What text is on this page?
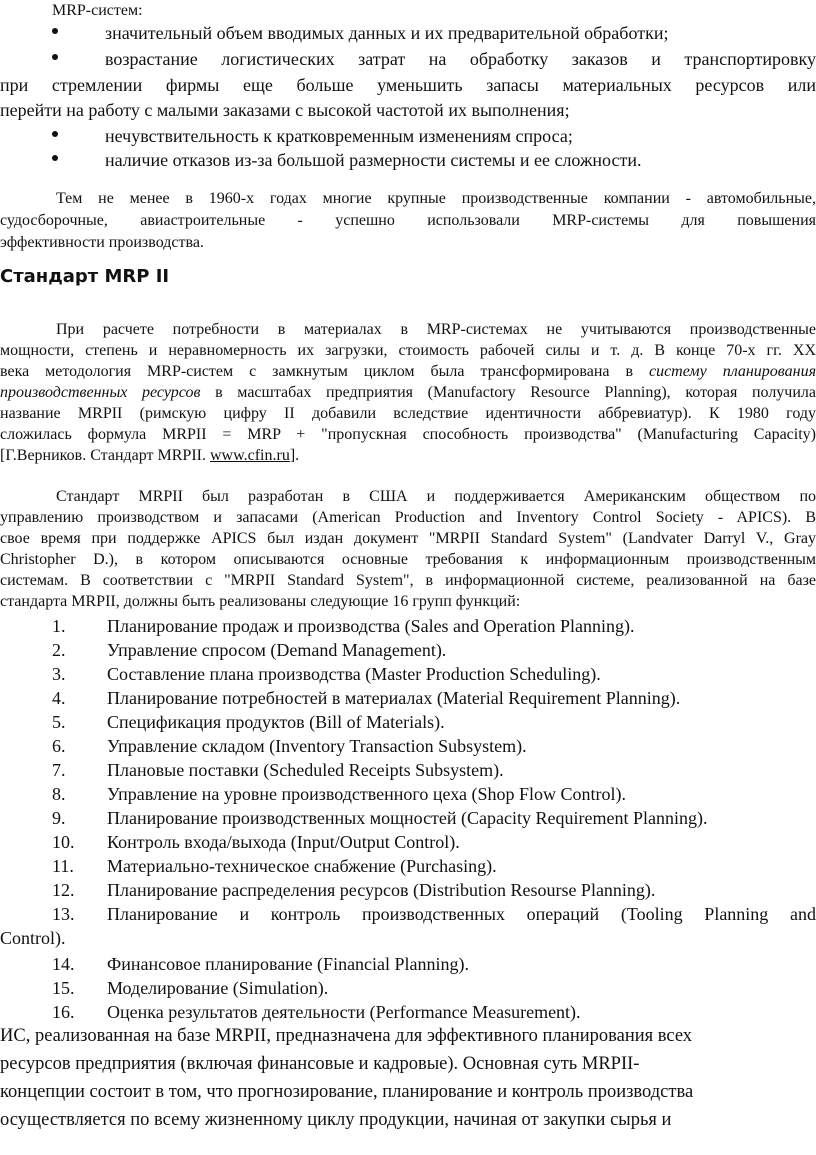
MRP-систем:
значительный объем вводимых данных и их предварительной обработки;
возрастание логистических затрат на обработку заказов и транспортировку
при стремлении фирмы еще больше уменьшить запасы материальных ресурсов или
перейти на работу с малыми заказами с высокой частотой их выполнения;
нечувствительность к кратковременным изменениям спроса;
наличие отказов из-за большой размерности системы и ее сложности.
Тем не менее в 1960-х годах многие крупные производственные компании - автомобильные,
судосборочные, авиастроительные - успешно использовали MRP-системы для повышения
эффективности производства.
Стандарт MRP II
При расчете потребности в материалах в MRP-системах не учитываются производственные
мощности, степень и неравномерность их загрузки, стоимость рабочей силы и т. д. В конце 70-х гг. XX
века методология MRP-систем с замкнутым циклом была трансформирована в систему планирования
производственных ресурсов в масштабах предприятия (Manufactory Resource Planning), которая получила
название MRPII (римскую цифру II добавили вследствие идентичности аббревиатур). К 1980 году
сложилась формула MRPII = MRP + "пропускная способность производства" (Manufacturing Capacity)
[Г.Верников. Стандарт MRPII. www.cfin.ru].
Стандарт MRPII был разработан в США и поддерживается Американским обществом по
управлению производством и запасами (American Production and Inventory Control Society - APICS). В
свое время при поддержке APICS был издан документ "MRPII Standard System" (Landvater Darryl V., Gray
Christopher D.), в котором описываются основные требования к информационным производственным
системам. В соответствии с "MRPII Standard System", в информационной системе, реализованной на базе
стандарта MRPII, должны быть реализованы следующие 16 групп функций:
1. Планирование продаж и производства (Sales and Operation Planning).
2. Управление спросом (Demand Management).
3. Составление плана производства (Master Production Scheduling).
4. Планирование потребностей в материалах (Material Requirement Planning).
5. Спецификация продуктов (Bill of Materials).
6. Управление складом (Inventory Transaction Subsystem).
7. Плановые поставки (Scheduled Receipts Subsystem).
8. Управление на уровне производственного цеха (Shop Flow Control).
9. Планирование производственных мощностей (Capacity Requirement Planning).
10. Контроль входа/выхода (Input/Output Control).
11. Материально-техническое снабжение (Purchasing).
12. Планирование распределения ресурсов (Distribution Resourse Planning).
13. Планирование и контроль производственных операций (Tooling Planning and
Control).
14. Финансовое планирование (Financial Planning).
15. Моделирование (Simulation).
16. Оценка результатов деятельности (Performance Measurement).
ИС, реализованная на базе MRPII, предназначена для эффективного планирования всех
ресурсов предприятия (включая финансовые и кадровые). Основная суть MRPII-
концепции состоит в том, что прогнозирование, планирование и контроль производства
осуществляется по всему жизненному циклу продукции, начиная от закупки сырья и
